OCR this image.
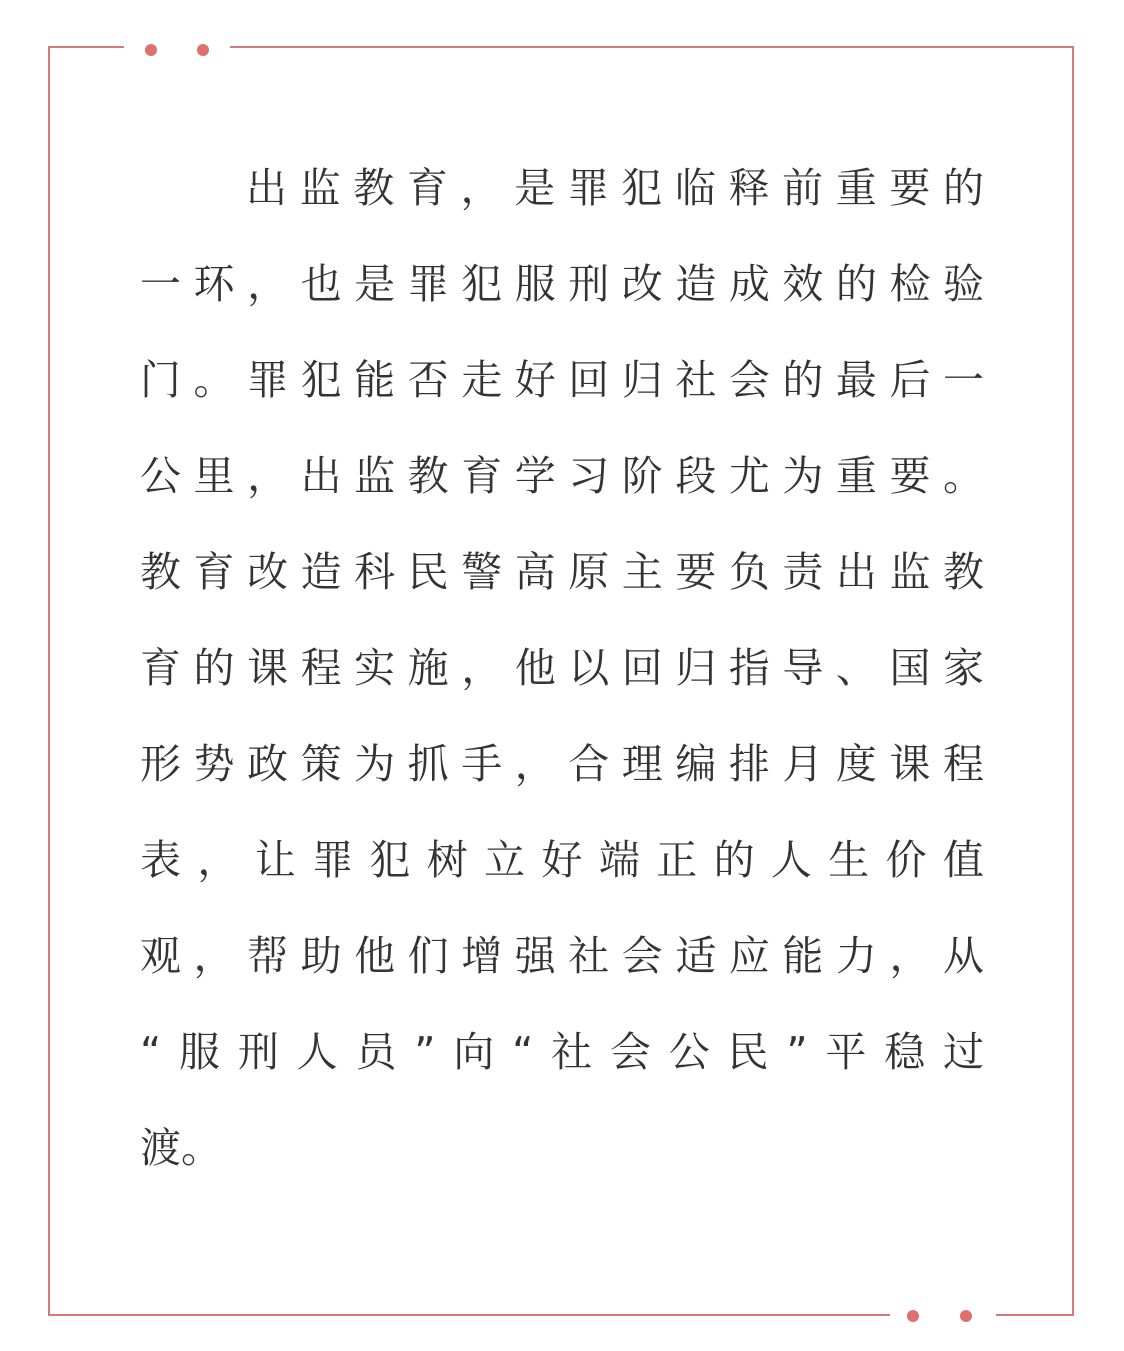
出监教育，是罪犯临释前重要的
一环，也是罪犯服刑改造成效的检验
门。罪犯能否走好回归社会的最后一
公里，出监教育学习阶段尤为重要。
教育改造科民警高原主要负责出监教
育的课程实施，他以回归指导、国家
形势政策为抓手，合理编排月度课程
表，让罪犯树立好端正的人生价值
观，帮助他们增强社会适应能力，从
“服刑人员”向“社会公民”平稳过
渡。
